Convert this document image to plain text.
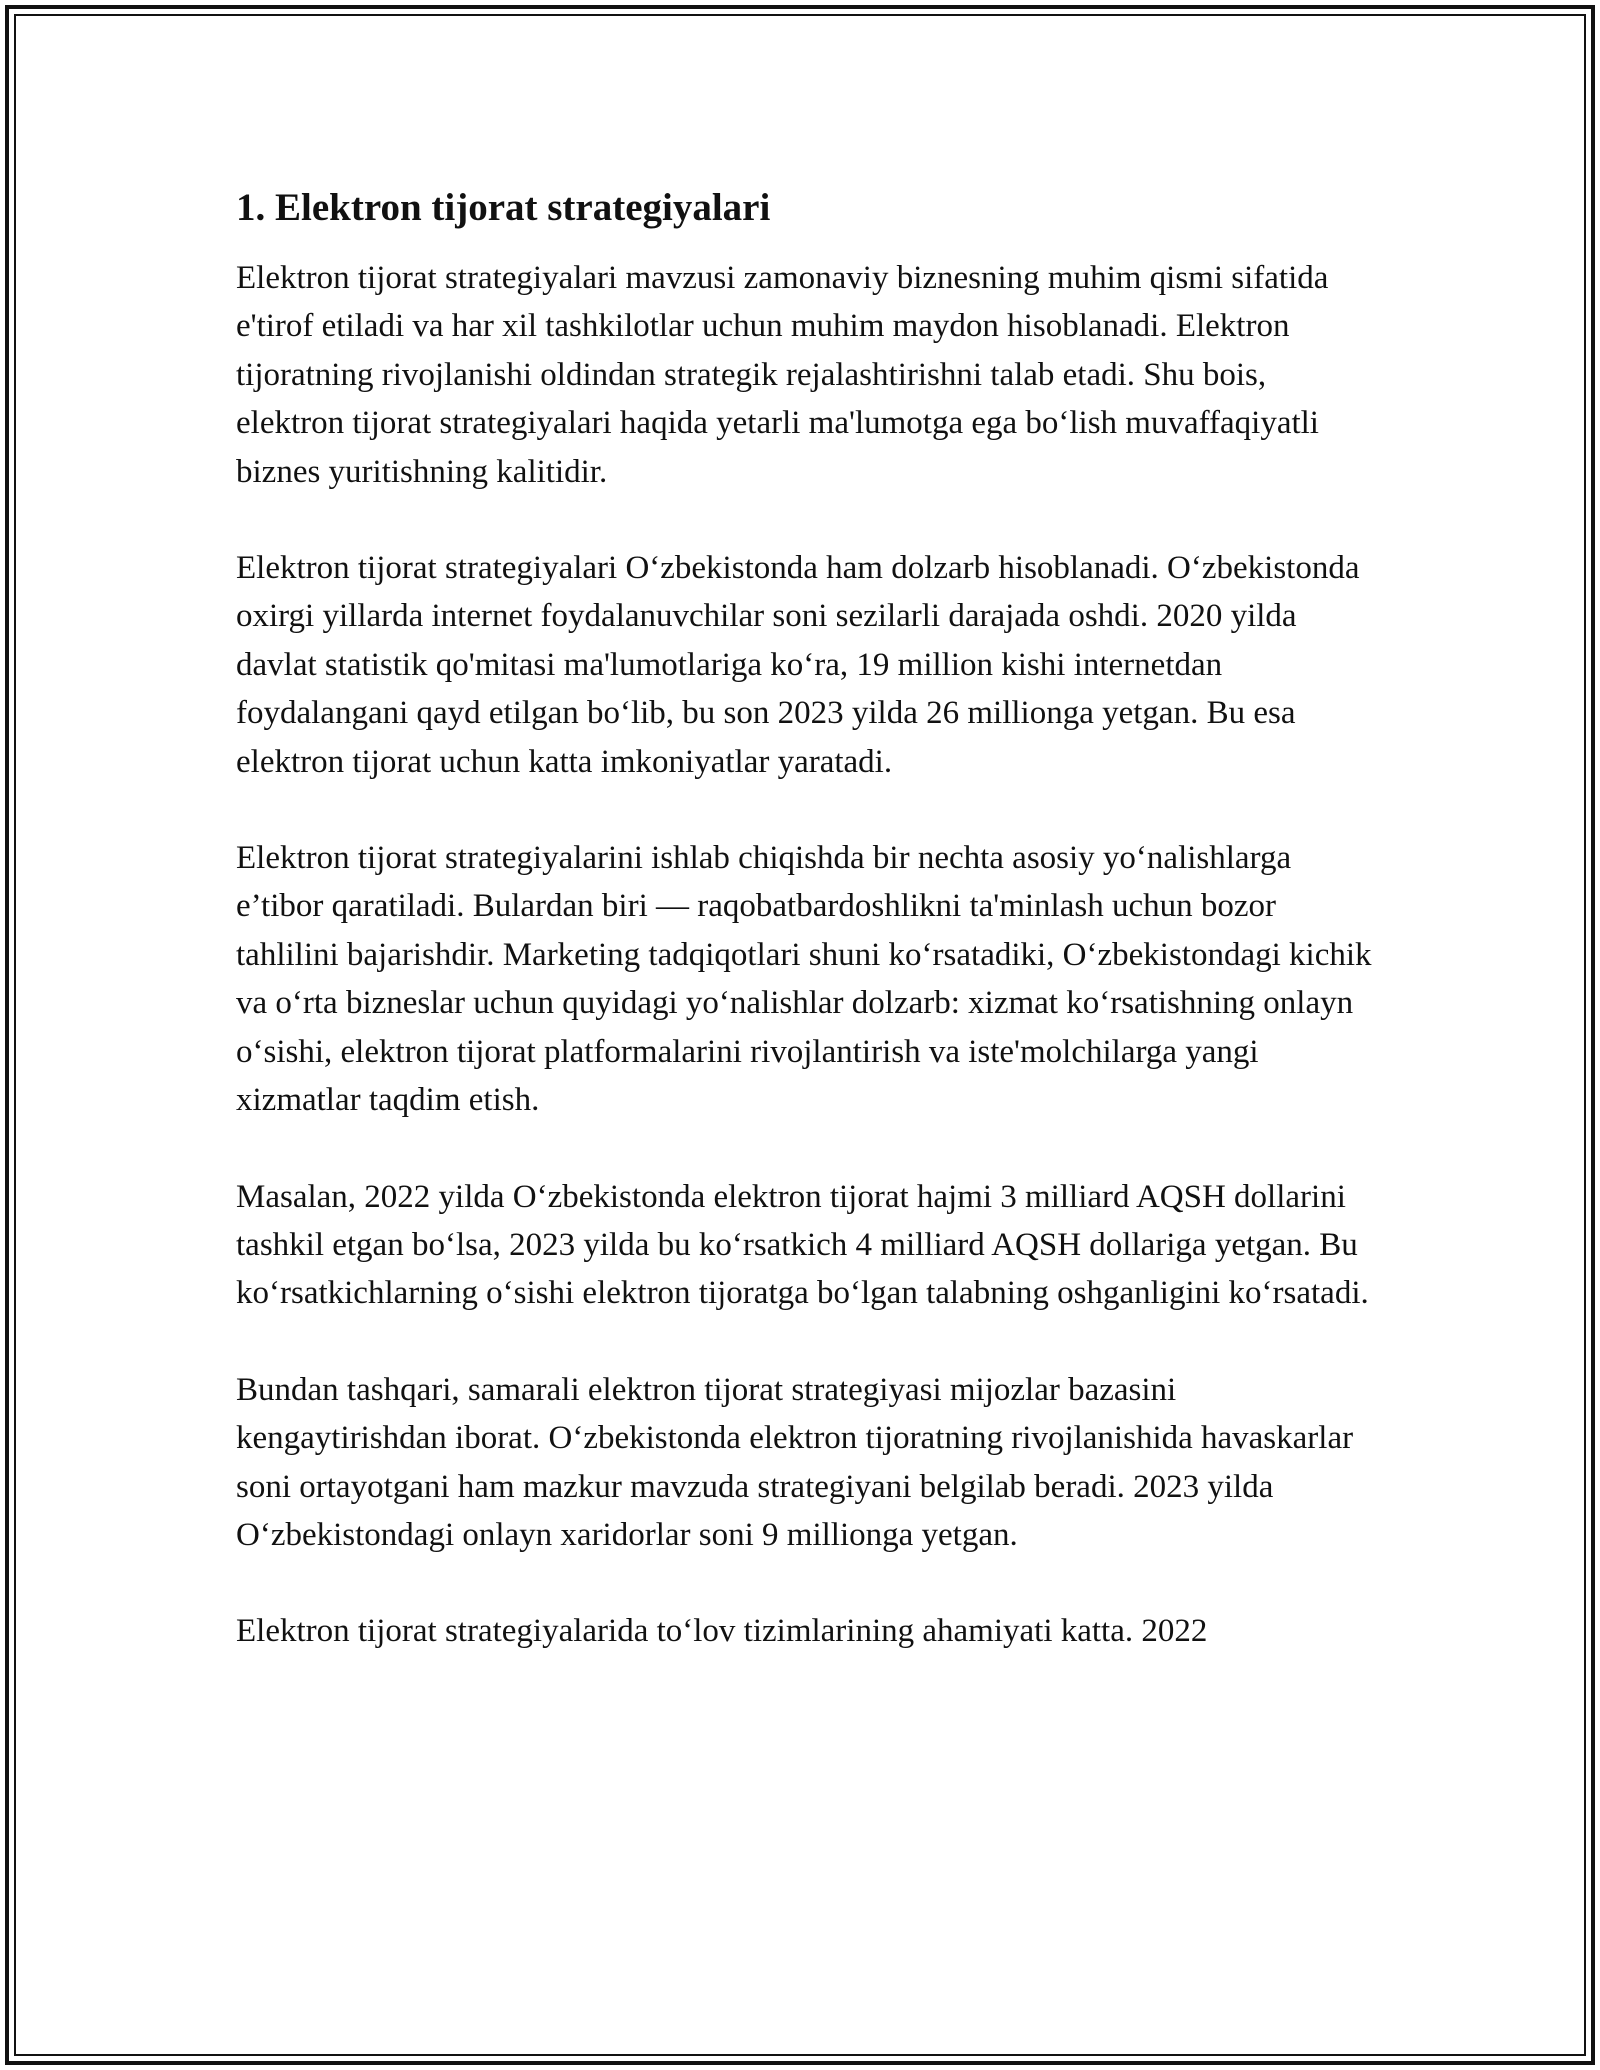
1. Elektron tijorat strategiyalari

Elektron tijorat strategiyalari mavzusi zamonaviy biznesning muhim qismi sifatida e'tirof etiladi va har xil tashkilotlar uchun muhim maydon hisoblanadi. Elektron tijoratning rivojlanishi oldindan strategik rejalashtirishni talab etadi. Shu bois, elektron tijorat strategiyalari haqida yetarli ma'lumotga ega bo‘lish muvaffaqiyatli biznes yuritishning kalitidir.

Elektron tijorat strategiyalari O‘zbekistonda ham dolzarb hisoblanadi. O‘zbekistonda oxirgi yillarda internet foydalanuvchilar soni sezilarli darajada oshdi. 2020 yilda davlat statistik qo'mitasi ma'lumotlariga ko‘ra, 19 million kishi internetdan foydalangani qayd etilgan bo‘lib, bu son 2023 yilda 26 millionga yetgan. Bu esa elektron tijorat uchun katta imkoniyatlar yaratadi.

Elektron tijorat strategiyalarini ishlab chiqishda bir nechta asosiy yo‘nalishlarga e’tibor qaratiladi. Bulardan biri — raqobatbardoshlikni ta'minlash uchun bozor tahlilini bajarishdir. Marketing tadqiqotlari shuni ko‘rsatadiki, O‘zbekistondagi kichik va o‘rta bizneslar uchun quyidagi yo‘nalishlar dolzarb: xizmat ko‘rsatishning onlayn o‘sishi, elektron tijorat platformalarini rivojlantirish va iste'molchilarga yangi xizmatlar taqdim etish.

Masalan, 2022 yilda O‘zbekistonda elektron tijorat hajmi 3 milliard AQSH dollarini tashkil etgan bo‘lsa, 2023 yilda bu ko‘rsatkich 4 milliard AQSH dollariga yetgan. Bu ko‘rsatkichlarning o‘sishi elektron tijoratga bo‘lgan talabning oshganligini ko‘rsatadi.

Bundan tashqari, samarali elektron tijorat strategiyasi mijozlar bazasini kengaytirishdan iborat. O‘zbekistonda elektron tijoratning rivojlanishida havaskarlar soni ortayotgani ham mazkur mavzuda strategiyani belgilab beradi. 2023 yilda O‘zbekistondagi onlayn xaridorlar soni 9 millionga yetgan.

Elektron tijorat strategiyalarida to‘lov tizimlarining ahamiyati katta. 2022
